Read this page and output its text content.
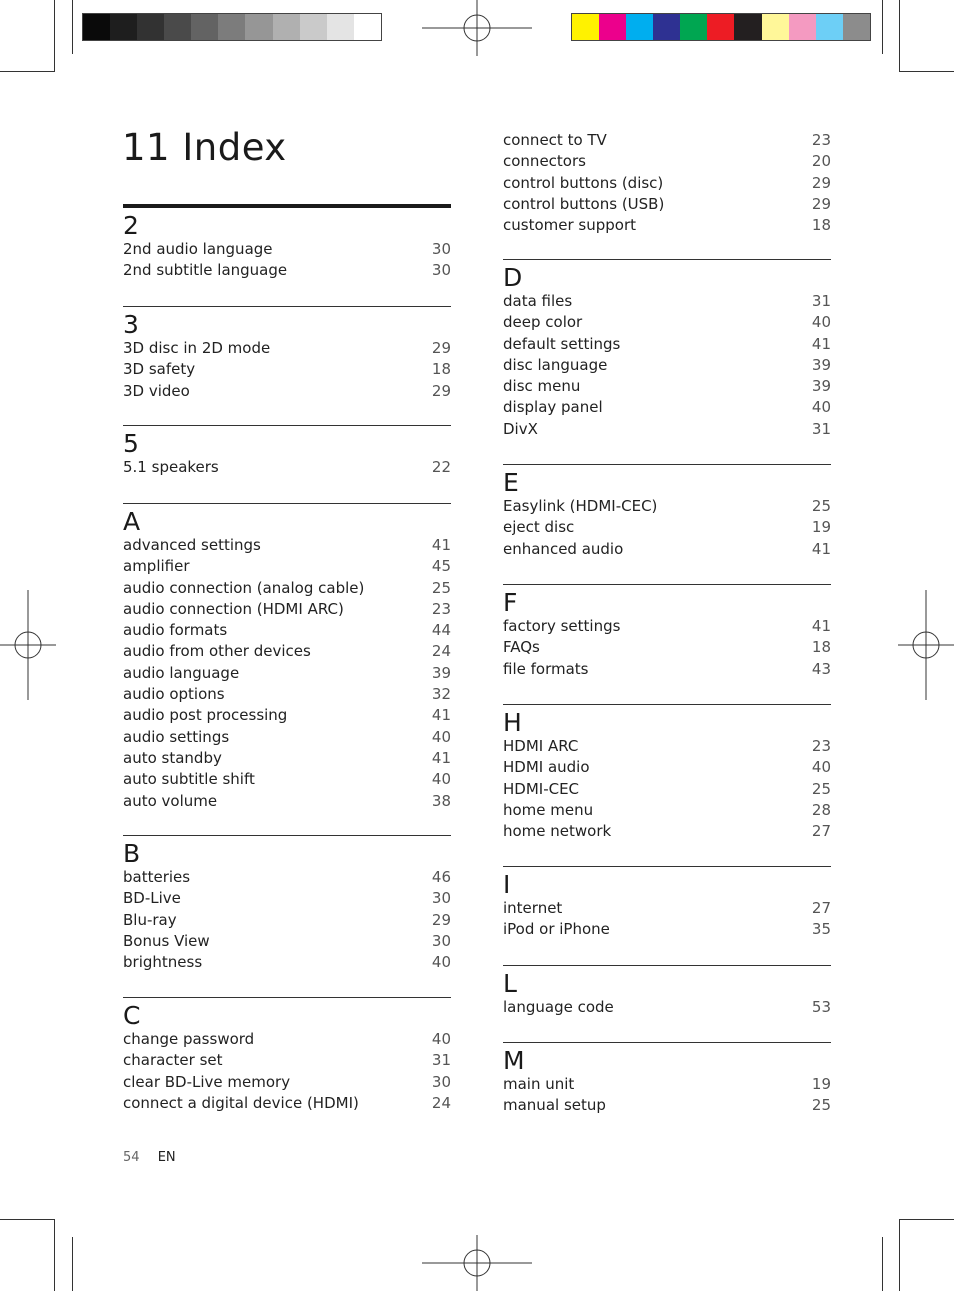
11 Index
2
2nd audio language	30
2nd subtitle language	30
3
3D disc in 2D mode	29
3D safety	18
3D video	29
5
5.1 speakers	22
A
advanced settings	41
amplifier	45
audio connection (analog cable)	25
audio connection (HDMI ARC)	23
audio formats	44
audio from other devices	24
audio language	39
audio options	32
audio post processing	41
audio settings	40
auto standby	41
auto subtitle shift	40
auto volume	38
B
batteries	46
BD-Live	30
Blu-ray	29
Bonus View	30
brightness	40
C
change password	40
character set	31
clear BD-Live memory	30
connect a digital device (HDMI)	24
connect to TV	23
connectors	20
control buttons (disc)	29
control buttons (USB)	29
customer support	18
D
data files	31
deep color	40
default settings	41
disc language	39
disc menu	39
display panel	40
DivX	31
E
Easylink (HDMI-CEC)	25
eject disc	19
enhanced audio	41
F
factory settings	41
FAQs	18
file formats	43
H
HDMI ARC	23
HDMI audio	40
HDMI-CEC	25
home menu	28
home network	27
I
internet	27
iPod or iPhone	35
L
language code	53
M
main unit	19
manual setup	25
54 EN
